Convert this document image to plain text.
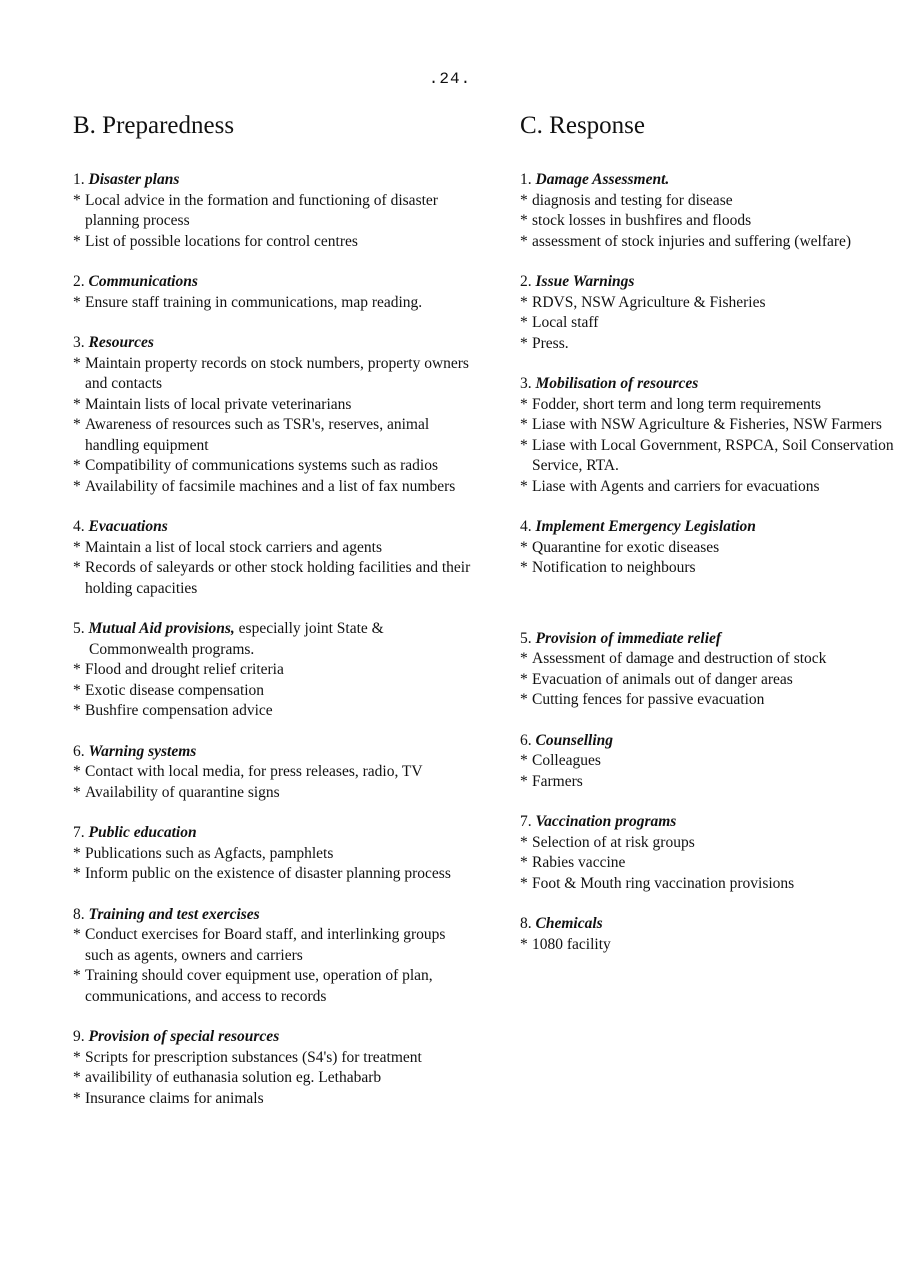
.24.
B. Preparedness
1. Disaster plans
* Local advice in the formation and functioning of disaster planning process
* List of possible locations for control centres
2. Communications
* Ensure staff training in communications, map reading.
3. Resources
* Maintain property records on stock numbers, property owners and contacts
* Maintain lists of local private veterinarians
* Awareness of resources such as TSR's, reserves, animal handling equipment
* Compatibility of communications systems such as radios
* Availability of facsimile machines and a list of fax numbers
4. Evacuations
* Maintain a list of local stock carriers and agents
* Records of saleyards or other stock holding facilities and their holding capacities
5. Mutual Aid provisions, especially joint State &
Commonwealth programs.
* Flood and drought relief criteria
* Exotic disease compensation
* Bushfire compensation advice
6. Warning systems
* Contact with local media, for press releases, radio, TV
* Availability of quarantine signs
7. Public education
* Publications such as Agfacts, pamphlets
* Inform public on the existence of disaster planning process
8. Training and test exercises
* Conduct exercises for Board staff, and interlinking groups such as agents, owners and carriers
* Training should cover equipment use, operation of plan, communications, and access to records
9. Provision of special resources
* Scripts for prescription substances (S4's) for treatment
* availibility of euthanasia solution eg. Lethabarb
* Insurance claims for animals
C. Response
1. Damage Assessment.
* diagnosis and testing for disease
* stock losses in bushfires and floods
* assessment of stock injuries and suffering (welfare)
2. Issue Warnings
* RDVS, NSW Agriculture & Fisheries
* Local staff
* Press.
3. Mobilisation of resources
* Fodder, short term and long term requirements
* Liase with NSW Agriculture & Fisheries, NSW Farmers
* Liase with Local Government, RSPCA, Soil Conservation Service, RTA.
* Liase with Agents and carriers for evacuations
4. Implement Emergency Legislation
* Quarantine for exotic diseases
* Notification to neighbours
5. Provision of immediate relief
* Assessment of damage and destruction of stock
* Evacuation of animals out of danger areas
* Cutting fences for passive evacuation
6. Counselling
* Colleagues
* Farmers
7. Vaccination programs
* Selection of at risk groups
* Rabies vaccine
* Foot & Mouth ring vaccination provisions
8. Chemicals
* 1080 facility
